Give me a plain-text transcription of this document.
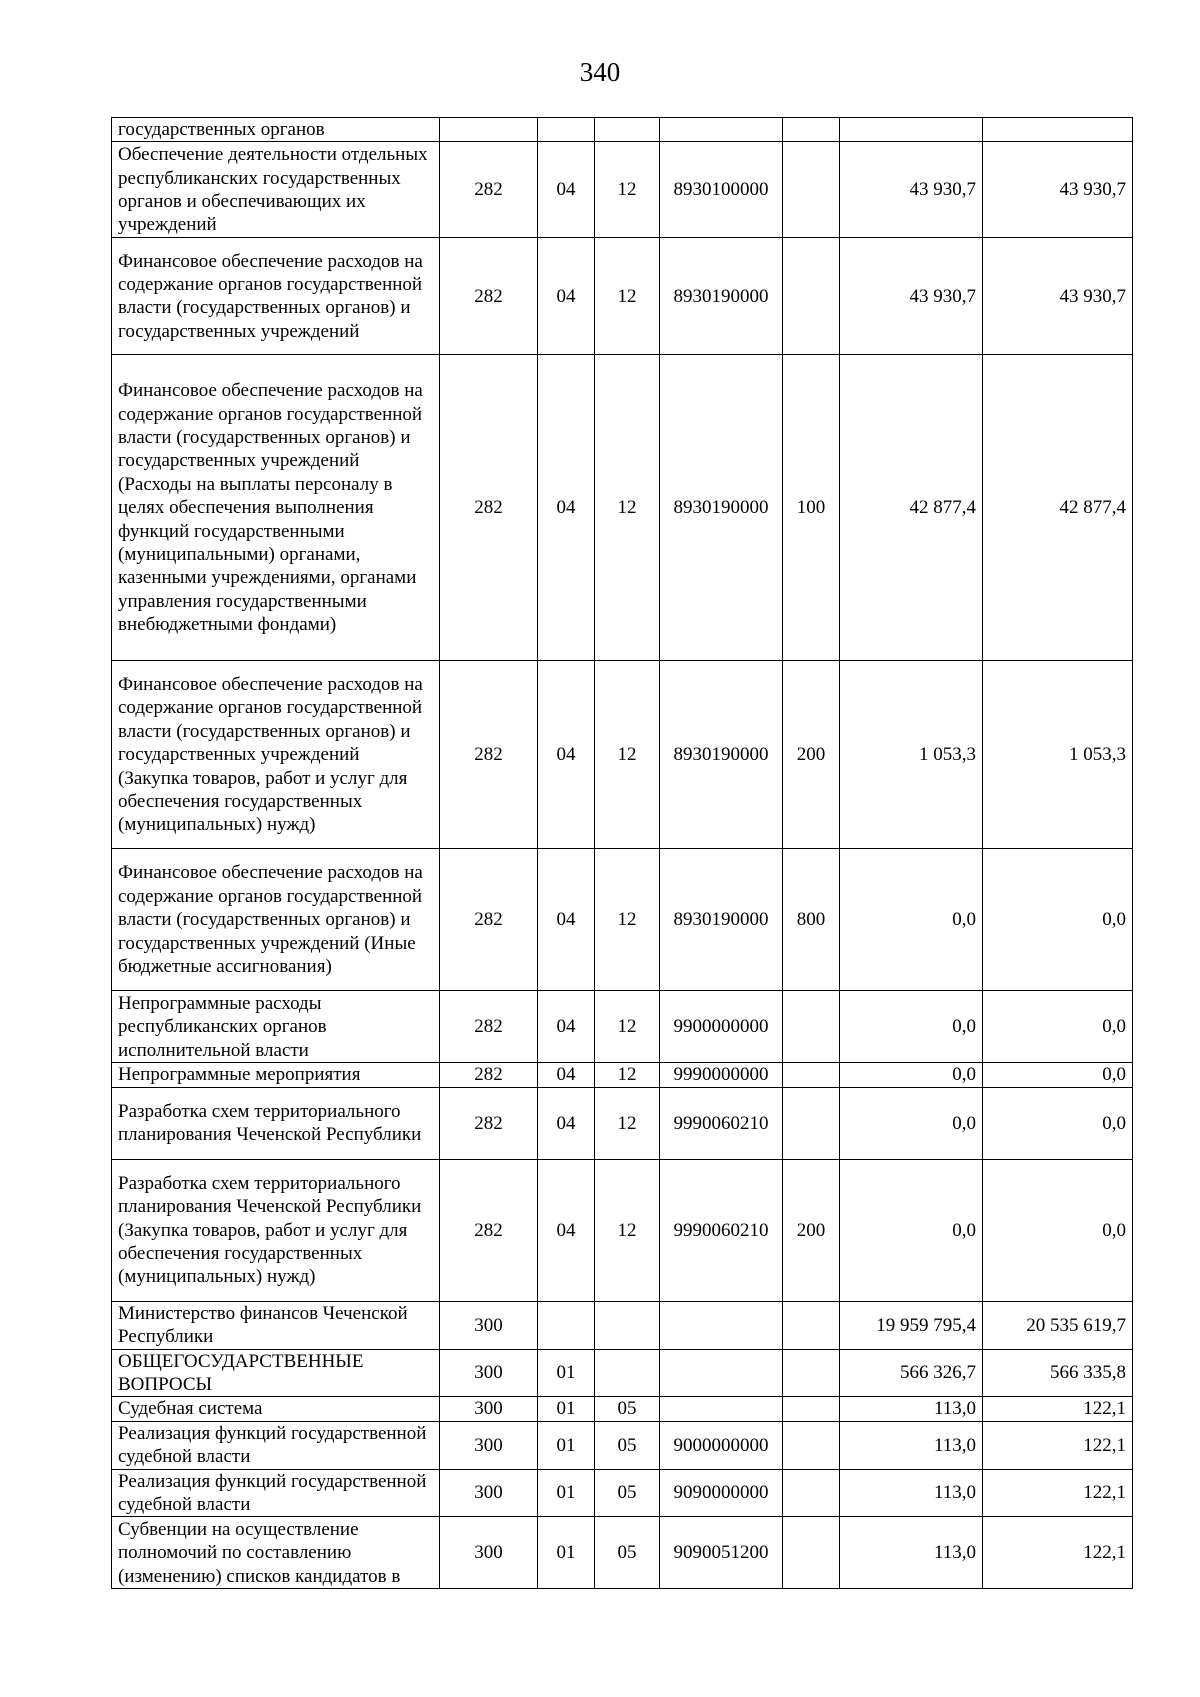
340
государственных органов							
Обеспечение деятельности отдельных республиканских государственных органов и обеспечивающих их учреждений	282	04	12	8930100000		43 930,7	43 930,7
Финансовое обеспечение расходов на содержание органов государственной власти (государственных органов) и государственных учреждений	282	04	12	8930190000		43 930,7	43 930,7
Финансовое обеспечение расходов на содержание органов государственной власти (государственных органов) и государственных учреждений (Расходы на выплаты персоналу в целях обеспечения выполнения функций государственными (муниципальными) органами, казенными учреждениями, органами управления государственными внебюджетными фондами)	282	04	12	8930190000	100	42 877,4	42 877,4
Финансовое обеспечение расходов на содержание органов государственной власти (государственных органов) и государственных учреждений (Закупка товаров, работ и услуг для обеспечения государственных (муниципальных) нужд)	282	04	12	8930190000	200	1 053,3	1 053,3
Финансовое обеспечение расходов на содержание органов государственной власти (государственных органов) и государственных учреждений (Иные бюджетные ассигнования)	282	04	12	8930190000	800	0,0	0,0
Непрограммные расходы республиканских органов исполнительной власти	282	04	12	9900000000		0,0	0,0
Непрограммные мероприятия	282	04	12	9990000000		0,0	0,0
Разработка схем территориального планирования Чеченской Республики	282	04	12	9990060210		0,0	0,0
Разработка схем территориального планирования Чеченской Республики (Закупка товаров, работ и услуг для обеспечения государственных (муниципальных) нужд)	282	04	12	9990060210	200	0,0	0,0
Министерство финансов Чеченской Республики	300					19 959 795,4	20 535 619,7
ОБЩЕГОСУДАРСТВЕННЫЕ ВОПРОСЫ	300	01				566 326,7	566 335,8
Судебная система	300	01	05			113,0	122,1
Реализация функций государственной судебной власти	300	01	05	9000000000		113,0	122,1
Реализация функций государственной судебной власти	300	01	05	9090000000		113,0	122,1
Субвенции на осуществление полномочий по составлению (изменению) списков кандидатов в	300	01	05	9090051200		113,0	122,1
